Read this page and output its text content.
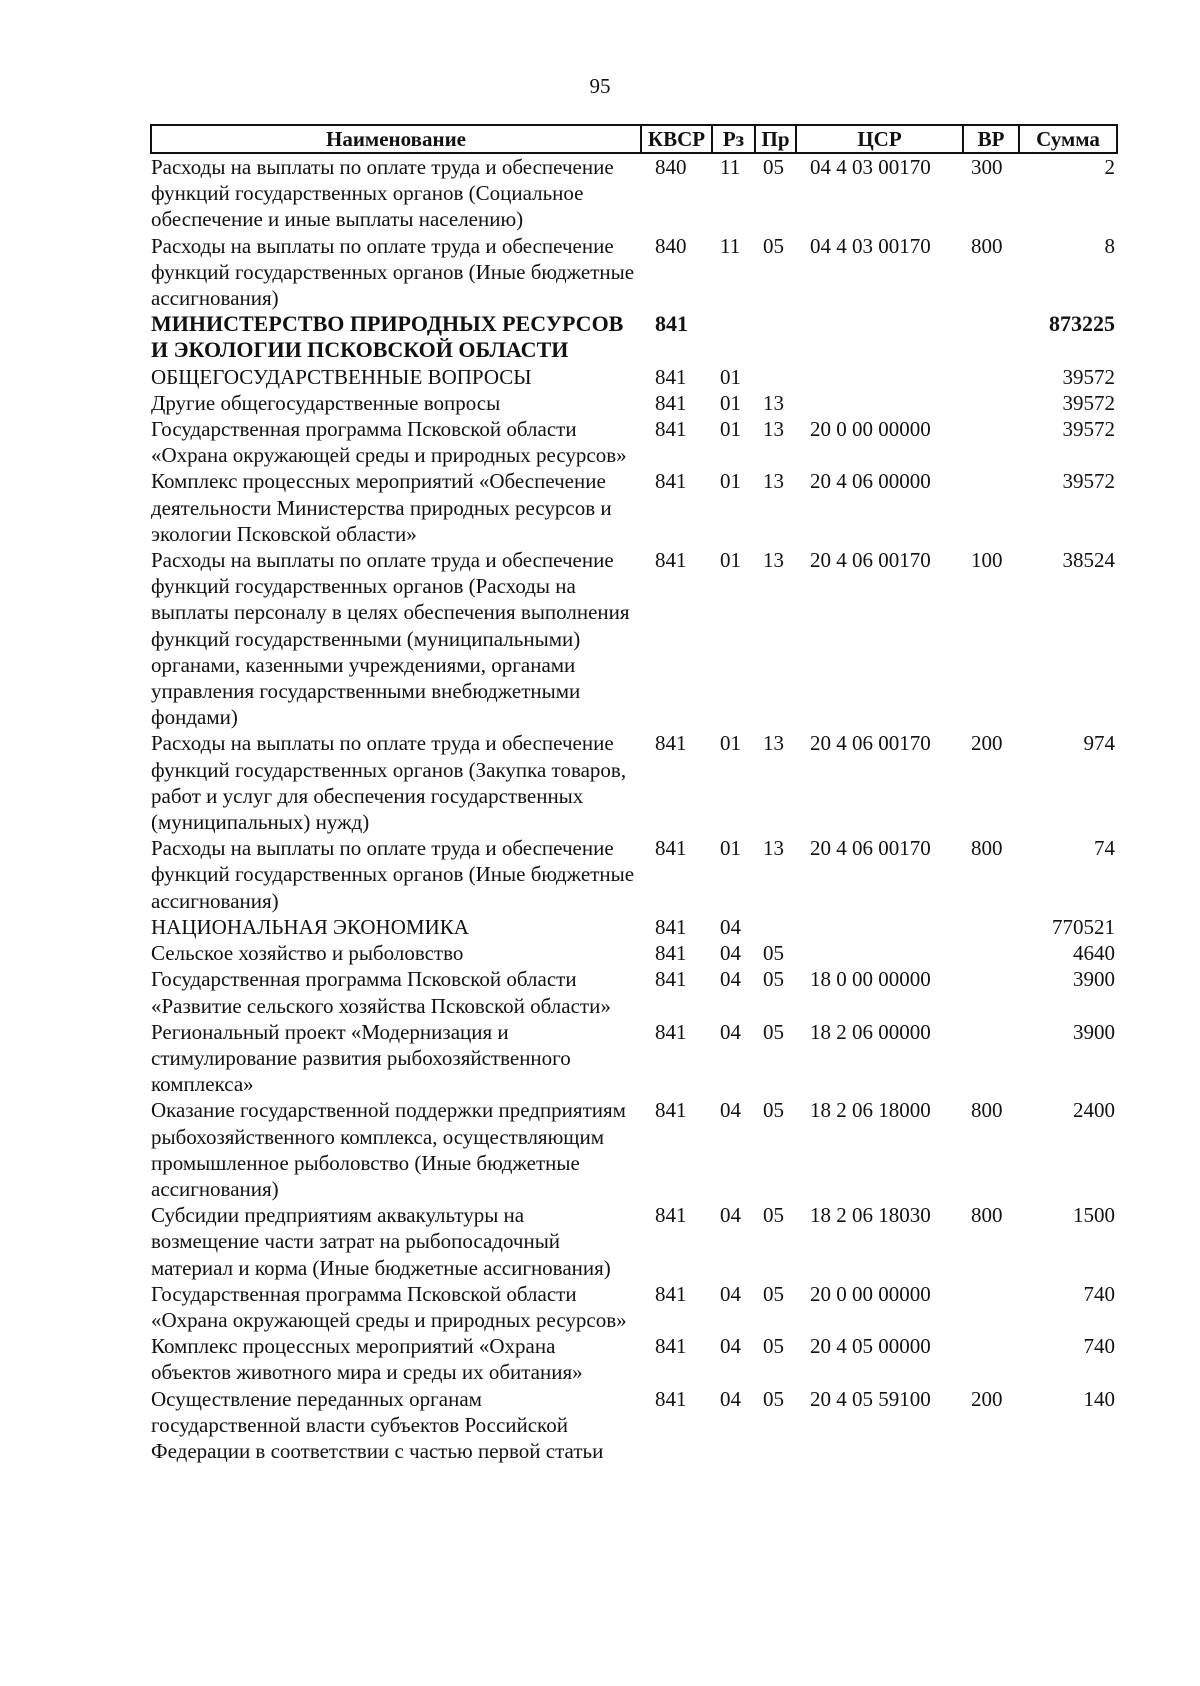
95
Наименование	КВСР	Рз	Пр	ЦСР	ВР	Сумма
Расходы на выплаты по оплате труда и обеспечение функций государственных органов (Социальное обеспечение и иные выплаты населению)	840	11	05	04 4 03 00170	300	2
Расходы на выплаты по оплате труда и обеспечение функций государственных органов (Иные бюджетные ассигнования)	840	11	05	04 4 03 00170	800	8
МИНИСТЕРСТВО ПРИРОДНЫХ РЕСУРСОВ И ЭКОЛОГИИ ПСКОВСКОЙ ОБЛАСТИ	841					873225
ОБЩЕГОСУДАРСТВЕННЫЕ ВОПРОСЫ	841	01				39572
Другие общегосударственные вопросы	841	01	13			39572
Государственная программа Псковской области «Охрана окружающей среды и природных ресурсов»	841	01	13	20 0 00 00000		39572
Комплекс процессных мероприятий «Обеспечение деятельности Министерства природных ресурсов и экологии Псковской области»	841	01	13	20 4 06 00000		39572
Расходы на выплаты по оплате труда и обеспечение функций государственных органов (Расходы на выплаты персоналу в целях обеспечения выполнения функций государственными (муниципальными) органами, казенными учреждениями, органами управления государственными внебюджетными фондами)	841	01	13	20 4 06 00170	100	38524
Расходы на выплаты по оплате труда и обеспечение функций государственных органов (Закупка товаров, работ и услуг для обеспечения государственных (муниципальных) нужд)	841	01	13	20 4 06 00170	200	974
Расходы на выплаты по оплате труда и обеспечение функций государственных органов (Иные бюджетные ассигнования)	841	01	13	20 4 06 00170	800	74
НАЦИОНАЛЬНАЯ ЭКОНОМИКА	841	04				770521
Сельское хозяйство и рыболовство	841	04	05			4640
Государственная программа Псковской области «Развитие сельского хозяйства Псковской области»	841	04	05	18 0 00 00000		3900
Региональный проект «Модернизация и стимулирование развития рыбохозяйственного комплекса»	841	04	05	18 2 06 00000		3900
Оказание государственной поддержки предприятиям рыбохозяйственного комплекса, осуществляющим промышленное рыболовство (Иные бюджетные ассигнования)	841	04	05	18 2 06 18000	800	2400
Субсидии предприятиям аквакультуры на возмещение части затрат на рыбопосадочный материал и корма (Иные бюджетные ассигнования)	841	04	05	18 2 06 18030	800	1500
Государственная программа Псковской области «Охрана окружающей среды и природных ресурсов»	841	04	05	20 0 00 00000		740
Комплекс процессных мероприятий «Охрана объектов животного мира и среды их обитания»	841	04	05	20 4 05 00000		740
Осуществление переданных органам государственной власти субъектов Российской Федерации в соответствии с частью первой статьи	841	04	05	20 4 05 59100	200	140
